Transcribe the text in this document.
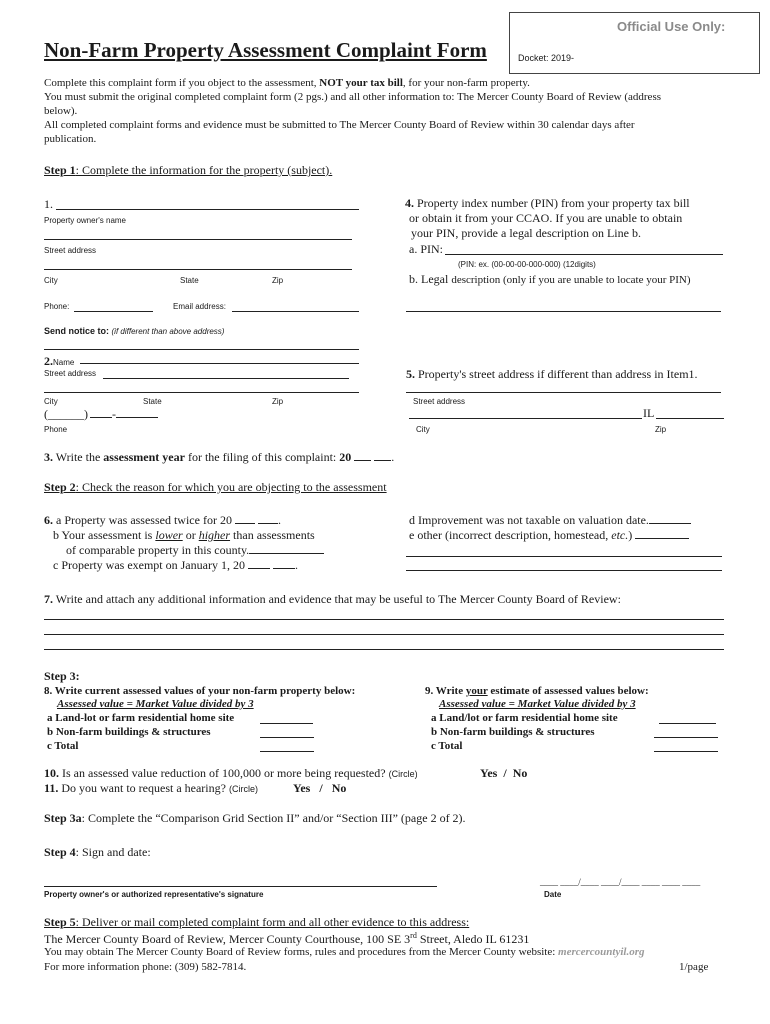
Official Use Only:
Docket: 2019-
Non-Farm Property Assessment Complaint Form
Complete this complaint form if you object to the assessment, NOT your tax bill, for your non-farm property.
You must submit the original completed complaint form (2 pgs.) and all other information to: The Mercer County Board of Review (address
below).
All completed complaint forms and evidence must be submitted to The Mercer County Board of Review within 30 calendar days after
publication.
Step 1: Complete the information for the property (subject).
1.
Property owner's name
Street address
City	State	Zip
Phone:	Email address:
Send notice to: (if different than above address)
2.Name
Street address
City	State	Zip
(______)	-
Phone
3. Write the assessment year for the filing of this complaint: 20	.
4. Property index number (PIN) from your property tax bill
or obtain it from your CCAO. If you are unable to obtain
your PIN, provide a legal description on Line b.
a. PIN:
(PIN: ex. (00-00-00-000-000) (12digits)
b. Legal description (only if you are unable to locate your PIN)
5. Property's street address if different than address in Item1.
Street address
IL
City	Zip
Step 2: Check the reason for which you are objecting to the assessment
6. a Property was assessed twice for 20	.
b Your assessment is lower or higher than assessments
of comparable property in this county.
c Property was exempt on January 1, 20	.
d Improvement was not taxable on valuation date.
e other (incorrect description, homestead, etc.)
7. Write and attach any additional information and evidence that may be useful to The Mercer County Board of Review:
Step 3:
8. Write current assessed values of your non-farm property below:
Assessed value = Market Value divided by 3
a Land-lot or farm residential home site
b Non-farm buildings & structures
c Total
9. Write your estimate of assessed values below:
Assessed value = Market Value divided by 3
a Land/lot or farm residential home site
b Non-farm buildings & structures
c Total
10. Is an assessed value reduction of 100,000 or more being requested? (Circle)	Yes / No
11. Do you want to request a hearing? (Circle)	Yes / No
Step 3a: Complete the “Comparison Grid Section II” and/or “Section III” (page 2 of 2).
Step 4: Sign and date:
Property owner's or authorized representative's signature
____ ____/____ ____/____ ____ ____ ____
Date
Step 5: Deliver or mail completed complaint form and all other evidence to this address:
The Mercer County Board of Review, Mercer County Courthouse, 100 SE 3rd Street, Aledo IL 61231
You may obtain The Mercer County Board of Review forms, rules and procedures from the Mercer County website: mercercountyil.org
For more information phone: (309) 582-7814.	1/page
